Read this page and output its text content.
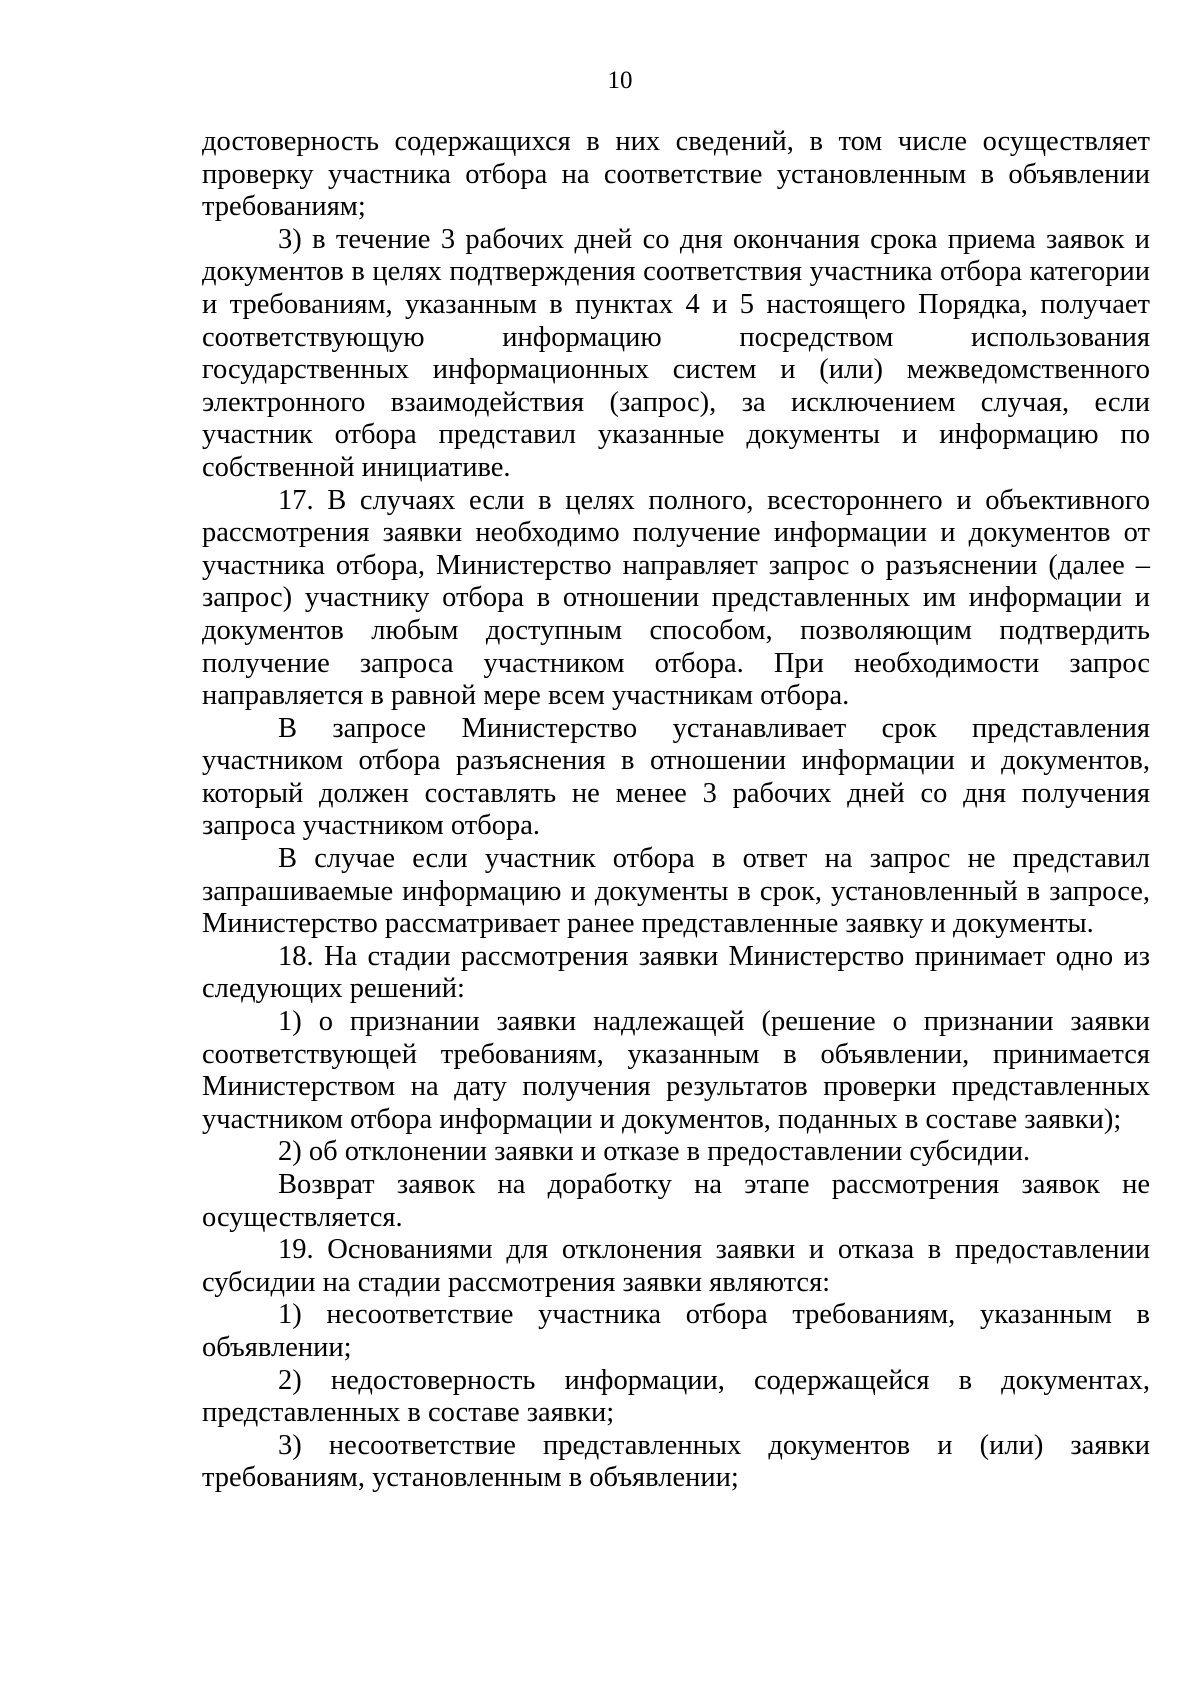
10

достоверность содержащихся в них сведений, в том числе осуществляет проверку участника отбора на соответствие установленным в объявлении требованиям;

3) в течение 3 рабочих дней со дня окончания срока приема заявок и документов в целях подтверждения соответствия участника отбора категории и требованиям, указанным в пунктах 4 и 5 настоящего Порядка, получает соответствующую информацию посредством использования государственных информационных систем и (или) межведомственного электронного взаимодействия (запрос), за исключением случая, если участник отбора представил указанные документы и информацию по собственной инициативе.

17. В случаях если в целях полного, всестороннего и объективного рассмотрения заявки необходимо получение информации и документов от участника отбора, Министерство направляет запрос о разъяснении (далее – запрос) участнику отбора в отношении представленных им информации и документов любым доступным способом, позволяющим подтвердить получение запроса участником отбора. При необходимости запрос направляется в равной мере всем участникам отбора.

В запросе Министерство устанавливает срок представления участником отбора разъяснения в отношении информации и документов, который должен составлять не менее 3 рабочих дней со дня получения запроса участником отбора.

В случае если участник отбора в ответ на запрос не представил запрашиваемые информацию и документы в срок, установленный в запросе, Министерство рассматривает ранее представленные заявку и документы.

18. На стадии рассмотрения заявки Министерство принимает одно из следующих решений:

1) о признании заявки надлежащей (решение о признании заявки соответствующей требованиям, указанным в объявлении, принимается Министерством на дату получения результатов проверки представленных участником отбора информации и документов, поданных в составе заявки);

2) об отклонении заявки и отказе в предоставлении субсидии.

Возврат заявок на доработку на этапе рассмотрения заявок не осуществляется.

19. Основаниями для отклонения заявки и отказа в предоставлении субсидии на стадии рассмотрения заявки являются:

1) несоответствие участника отбора требованиям, указанным в объявлении;

2) недостоверность информации, содержащейся в документах, представленных в составе заявки;

3) несоответствие представленных документов и (или) заявки требованиям, установленным в объявлении;
